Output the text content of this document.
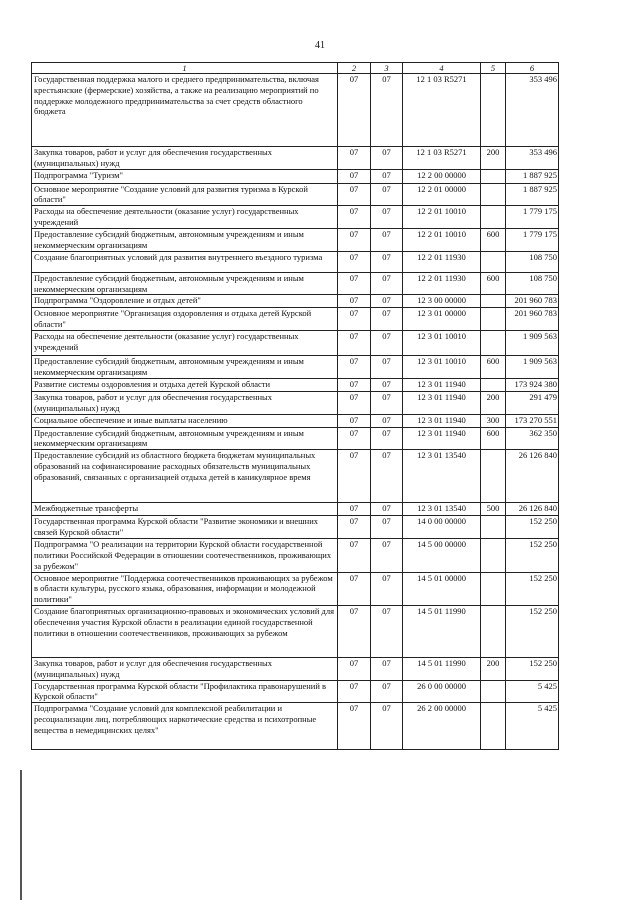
41
1	2	3	4	5	6
Государственная поддержка малого и среднего предпринимательства, включая крестьянские (фермерские) хозяйства, а также на реализацию мероприятий по поддержке молодежного предпринимательства за счет средств областного бюджета	07	07	12 1 03 R5271		353 496
Закупка товаров, работ и услуг для обеспечения государственных (муниципальных) нужд	07	07	12 1 03 R5271	200	353 496
Подпрограмма "Туризм"	07	07	12 2 00 00000		1 887 925
Основное мероприятие "Создание условий для развития туризма в Курской области"	07	07	12 2 01 00000		1 887 925
Расходы на обеспечение деятельности (оказание услуг) государственных учреждений	07	07	12 2 01 10010		1 779 175
Предоставление субсидий бюджетным, автономным учреждениям и иным некоммерческим организациям	07	07	12 2 01 10010	600	1 779 175
Создание благоприятных условий для развития внутреннего въездного туризма	07	07	12 2 01 11930		108 750
Предоставление субсидий бюджетным, автономным учреждениям и иным некоммерческим организациям	07	07	12 2 01 11930	600	108 750
Подпрограмма "Оздоровление и отдых детей"	07	07	12 3 00 00000		201 960 783
Основное мероприятие "Организация оздоровления и отдыха детей Курской области"	07	07	12 3 01 00000		201 960 783
Расходы на обеспечение деятельности (оказание услуг) государственных учреждений	07	07	12 3 01 10010		1 909 563
Предоставление субсидий бюджетным, автономным учреждениям и иным некоммерческим организациям	07	07	12 3 01 10010	600	1 909 563
Развитие системы оздоровления и отдыха детей Курской области	07	07	12 3 01 11940		173 924 380
Закупка товаров, работ и услуг для обеспечения государственных (муниципальных) нужд	07	07	12 3 01 11940	200	291 479
Социальное обеспечение и иные выплаты населению	07	07	12 3 01 11940	300	173 270 551
Предоставление субсидий бюджетным, автономным учреждениям и иным некоммерческим организациям	07	07	12 3 01 11940	600	362 350
Предоставление субсидий из областного бюджета бюджетам муниципальных образований на софинансирование расходных обязательств муниципальных образований, связанных с организацией отдыха детей в каникулярное время	07	07	12 3 01 13540		26 126 840
Межбюджетные трансферты	07	07	12 3 01 13540	500	26 126 840
Государственная программа Курской области "Развитие экономики и внешних связей Курской области"	07	07	14 0 00 00000		152 250
Подпрограмма "О реализации на территории Курской области государственной политики Российской Федерации в отношении соотечественников, проживающих за рубежом"	07	07	14 5 00 00000		152 250
Основное мероприятие "Поддержка соотечественников проживающих за рубежом в области культуры, русского языка, образования, информации и молодежной политики"	07	07	14 5 01 00000		152 250
Создание благоприятных организационно-правовых и экономических условий для обеспечения участия Курской области в реализации единой государственной политики в отношении соотечественников, проживающих за рубежом	07	07	14 5 01 11990		152 250
Закупка товаров, работ и услуг для обеспечения государственных (муниципальных) нужд	07	07	14 5 01 11990	200	152 250
Государственная программа Курской области "Профилактика правонарушений в Курской области"	07	07	26 0 00 00000		5 425
Подпрограмма "Создание условий для комплексной реабилитации и ресоциализации лиц, потребляющих наркотические средства и психотропные вещества в немедицинских целях"	07	07	26 2 00 00000		5 425
